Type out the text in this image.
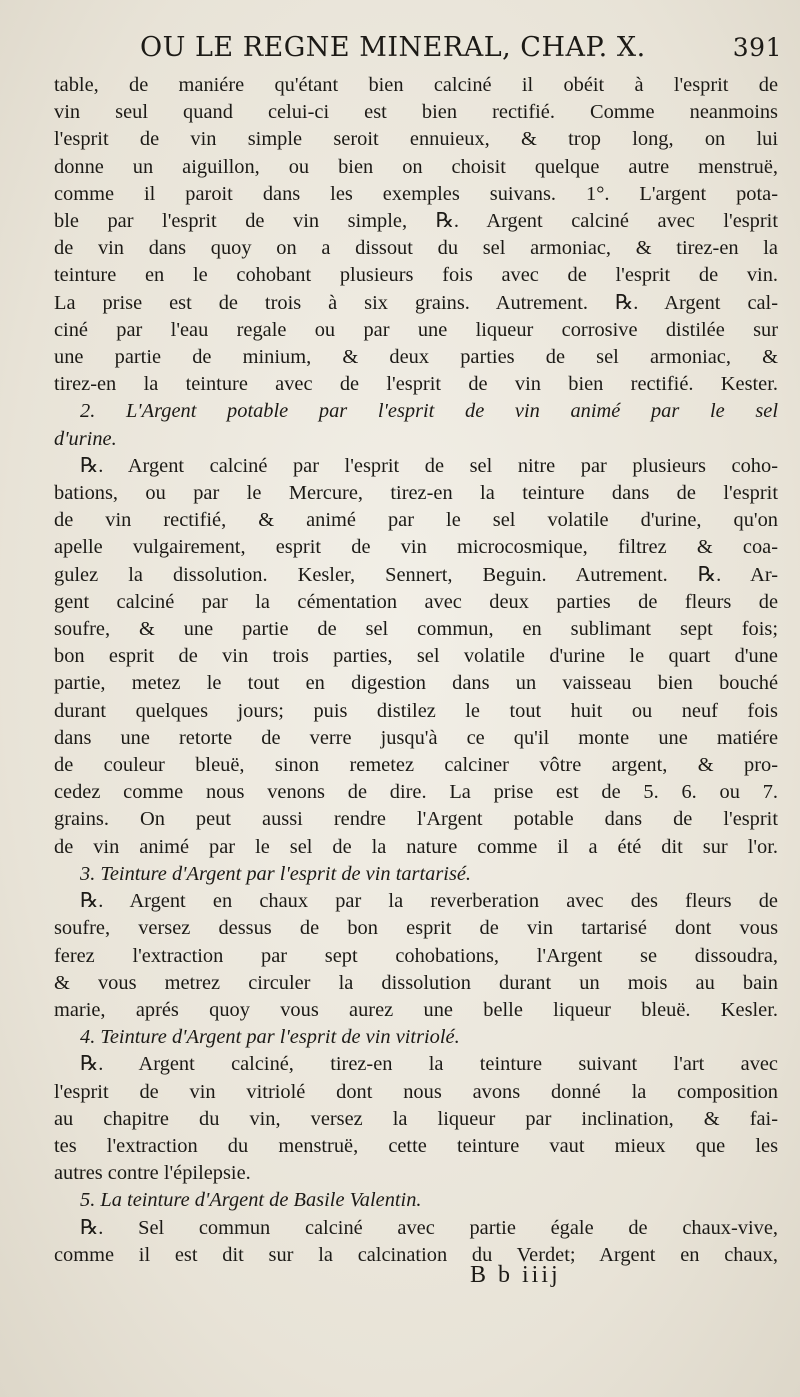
OU LE REGNE MINERAL, CHAP. X.	391
table, de maniére qu'étant bien calciné il obéit à l'esprit de
vin seul quand celui-ci est bien rectifié. Comme neanmoins
l'esprit de vin simple seroit ennuieux, & trop long, on lui
donne un aiguillon, ou bien on choisit quelque autre menstruë,
comme il paroit dans les exemples suivans. 1°. L'argent pota-
ble par l'esprit de vin simple, ℞. Argent calciné avec l'esprit
de vin dans quoy on a dissout du sel armoniac, & tirez-en la
teinture en le cohobant plusieurs fois avec de l'esprit de vin.
La prise est de trois à six grains. Autrement. ℞. Argent cal-
ciné par l'eau regale ou par une liqueur corrosive distilée sur
une partie de minium, & deux parties de sel armoniac, &
tirez-en la teinture avec de l'esprit de vin bien rectifié. Kester.
2. L'Argent potable par l'esprit de vin animé par le sel
d'urine.
℞. Argent calciné par l'esprit de sel nitre par plusieurs coho-
bations, ou par le Mercure, tirez-en la teinture dans de l'esprit
de vin rectifié, & animé par le sel volatile d'urine, qu'on
apelle vulgairement, esprit de vin microcosmique, filtrez & coa-
gulez la dissolution. Kesler, Sennert, Beguin. Autrement. ℞. Ar-
gent calciné par la cémentation avec deux parties de fleurs de
soufre, & une partie de sel commun, en sublimant sept fois;
bon esprit de vin trois parties, sel volatile d'urine le quart d'une
partie, metez le tout en digestion dans un vaisseau bien bouché
durant quelques jours; puis distilez le tout huit ou neuf fois
dans une retorte de verre jusqu'à ce qu'il monte une matiére
de couleur bleuë, sinon remetez calciner vôtre argent, & pro-
cedez comme nous venons de dire. La prise est de 5. 6. ou 7.
grains. On peut aussi rendre l'Argent potable dans de l'esprit
de vin animé par le sel de la nature comme il a été dit sur l'or.
3. Teinture d'Argent par l'esprit de vin tartarisé.
℞. Argent en chaux par la reverberation avec des fleurs de
soufre, versez dessus de bon esprit de vin tartarisé dont vous
ferez l'extraction par sept cohobations, l'Argent se dissoudra,
& vous metrez circuler la dissolution durant un mois au bain
marie, aprés quoy vous aurez une belle liqueur bleuë. Kesler.
4. Teinture d'Argent par l'esprit de vin vitriolé.
℞. Argent calciné, tirez-en la teinture suivant l'art avec
l'esprit de vin vitriolé dont nous avons donné la composition
au chapitre du vin, versez la liqueur par inclination, & fai-
tes l'extraction du menstruë, cette teinture vaut mieux que les
autres contre l'épilepsie.
5. La teinture d'Argent de Basile Valentin.
℞. Sel commun calciné avec partie égale de chaux-vive,
comme il est dit sur la calcination du Verdet; Argent en chaux,
B b iiij
